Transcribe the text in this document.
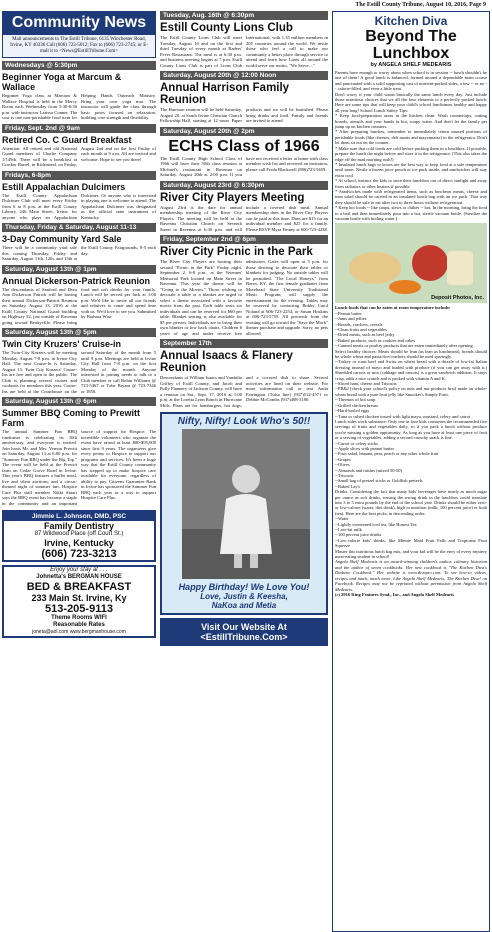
The Estill County Tribune, August 10, 2016, Page 9
Community News
Mail announcements to The Estill Tribune, 6135 Winchester Road, Irvine, KY 40336 Call (606) 723-5012; Fax to (606) 723-2745; or E-mail it to <News@EstillTribune.Com>
Wednesdays @ 5:30pm
Beginner Yoga at Marcum & Wallace
Beginner Yoga class at Marcum & Wallace Hospital is held in the Mercy Room each Wednesday from 5:30-6:30 p.m. with instructor Larissa Conner. The cost is one non-perishable food item for Helping Hands Outreach Ministry. Bring your own yoga mat. The instructor will guide the class through basic poses focused on relaxation, building core strength and flexibility.
Friday, Sept. 2nd @ 9am
Retired Co. C Guard Breakfast
Attention: All retired and old National Guard members of Charlie Company 1/149th. There will be a breakfast at Cracker Barrel, in Richmond, on Friday, August 2nd and on the first Friday of each month at 9 a.m. All are invited and welcome. Hope to see you there!
Fridays, 6-8pm
Estill Appalachian Dulcimers
The Estill County Appalachian Dulcimer Club will meet every Friday from 6 to 8 p.m. at the Estill County Library, 246 Main Street, Irvine, for anyone who plays an Appalachian Dulcimer. Or anyone who is interested in playing one is welcome to attend. The Appalachian Dulcimer was designated as the official state instrument of Kentucky.
Thursday, Friday & Saturday, August 11-13
3-Day Community Yard Sale
There will be a community yard sale this coming Thursday, Friday and Saturday, August 11th, 12th, and 13th at the Estill County Fairgrounds, 8-5 each day.
Saturday, August 13th @ 1pm
Annual Dickerson-Patrick Reunion
The descendants of Sanford and Dora Ann Dickerson Patrick will be having their annual Dickerson-Patrick Reunion on Saturday, August 13, 2016 at the Estill County National Guard building on Highway 52, just outside of Ravenna going toward Beattyville. Please bring food and soft drinks for your family. Lunch will be served per luck at 1:00 p.m. We'd like to invite all our friends and relatives to come and spend time with us. We'd love to see you. Submitted by Barbara Wise
Saturday, August 13th @ 5pm
Twin City Kruzers' Cruise-in
The Twin-City Kruzers will be meeting Monday, August 7-8 p.m. in Irvine City Hall. The next Cruise-In is Saturday, August 13. Twin City Kruzers' Cruise-Ins are free and open to the public. The Club is planning several cruises and cookouts for members this year. Cruise-Ins are held at the Courthouse on the second Saturday of the month from 5 until 9 p.m. Meetings are held at Irvine City Hall from 7-8 p.m. on the first Monday of the month. Anyone interested in joining needs to talk to a Club member or call Robin Williams @ 723-5467 or Tobe Bryant @ 723-7346 or 1858.
Saturday, August 13th @ 6pm
Summer BBQ Coming to Prewitt Farm
The annual Summer Fun BBQ fundraiser is celebrating its 10th anniversary, and everyone is invited. Join hosts Mr. and Mrs. Vernon Prewitt on Saturday, August 13 at 6:00 p.m. for "Summer Fun BBQ under the Big Top." The event will be held at the Prewitt farm on Cedar Grove Road in Irvine. This year's BBQ features a buffet meal, live and silent auctions, and a circus-themed night of summer fun. Hospice Care Plus staff member Nikki Stuart says the BBQ event has become a staple in the community and an important source of support for Hospice. The incredible volunteers who organize the event have raised at least $80-$95,000 since first 9 years. The organizers give every penny to Hospice to support our programs and services. It's been a huge way that the Estill County community has stepped up to make hospice care available for everyone, regardless of ability to pay. Citizens Guarantee Bank in Irvine has sponsored the Summer Fun BBQ each year as a way to support Hospice Care Plus.
Jimmie L. Johnson, DMD, PSC
Family Dentistry
87 Wildwood Place (off Court St.)
Irvine, Kentucky
(606) 723-3213
Enjoy your stay at . . .
Johnetta's BERGMAN HOUSE
BED & BREAKFAST
233 Main St. Irvine, Ky
513-205-9113
Theme Rooms WIFI
Reasonable Rates
joneta@aol.com www.bergmanhouse.com
Tuesday, Aug. 16th @ 6:30pm
Estill County Lions Club
The Estill County Lions Club will meet Tuesday, August 16 and on the first and third Tuesday of every month at Raders' Fever Restaurant. The meal is at 6:30 p.m. and business meeting begins at 7 p.m. Estill County Lions Club is part of Lions Club International, with 1.35 million members in 205 countries around the world. We invite those who feel a call to make our community a better place through service to attend and learn how Lions all around the world serve our motto, "We Serve...."
Saturday, August 20th @ 12:00 Noon
Annual Harrison Family Reunion
The Harrison reunion will be held Saturday, August 20, at South Irvine Christian Church Fellowship Hall, starting at 12 noon. Paper products and ice will be furnished. Please bring drinks and food. Family and friends are invited to attend.
Saturday, August 20th @ 2pm
ECHS Class of 1966
The Estill County High School Class of 1966 will have their 50th class reunion at Michael's restaurant in Ravenna on Saturday, August 20th at 2:00 p.m. If you have not received a letter at home with class member wish list and received an invitation, please call Freda Blackwell (806)723-5659.
Saturday, August 23rd @ 6:30pm
River City Players Meeting
August 23rd is the date for annual membership meeting of the River City Players. The meeting will be held at the Ravenna Christian Church on Seventh Street in Ravenna at 6:30 p.m. and will include a covered dish meal. Annual membership dues in the River City Players can be paid at this time. Dues are $15 for an individual member and $25 for a family. Please RSVP Myra Finney at 606-723-4238.
Friday, September 2nd @ 6pm
River City Picnic in the Park
The River City Players are hosting their second "Picnic in the Park" Friday night, September 2, 6-8 p.m., at the Veterans' Memorial Park located on Main Street in Ravenna. This year the theme will be "Going to the Movies." Those wishing to decorate a table or a blanket are urged to select a theme associated with a favorite movie from the past. Each table seats six individuals and can be reserved for $60 per table. Blanket seating is also available for $5 per person. Individuals are to bring their own blanket or low back chairs. Children 6 years of age and under receive free admission. Gates will open at 5 p.m. for those desiring to decorate their tables or blankets for judging. No outside tables will be permitted. "The Local Honeys," from Berea, KY, the first female graduates from Morehead State University Traditional Music Program, will supply the entertainment for the evening. Tables may be reserved by contacting Bobby Carol Noland at 606-723-2254, or Susan Hoskins at 606-723-5755. All proceeds from the evening will go toward the "Save the Mack" theater purchase and upgrade. Sorry, no pets allowed.
September 17th
Annual Isaacs & Flanery Reunion
Descendants of William Isaacs and Vandalia Griffey of Estill County, and Jacob and Polly Flannery of Jackson County, will have a reunion on Sat., Sept. 17, 2016 at 1:00 p.m. at the Loretta Lynn Ranch in Hurricane Mills. Plans are for hamburgers, hot dogs, and a covered dish to share. Several activities are lined on their website. For more information call or text Anita Farrington (Tulsa line) (937)512-4571 or Debbie McCombs (937)408-3180.
Nifty, Nifty! Look Who's 50!!
Happy Birthday! We Love You!
Love, Justin & Keesha,
NaKoa and Metia
Visit Our Website At
<EstillTribune.Com>
Kitchen Diva
Beyond The Lunchbox
by ANGELA SHELF MEDEARIS
Parents have enough to worry about when school is in session -- lunch shouldn't be one of them! A good lunch is balanced, formed around a dependable main course and punctuated with a solid supporting cast of nutrient-packed sides, a few -- or no -- calorie-filled, and even a little treat.
Don't worry if your child wants basically the same lunch every day. Just include those nutritious choices that we all the four elements to a perfectly packed lunch. Here are some tips that will keep your child's school lunchtimes healthy and happy all year long! School Lunch Safety Tips:
* Keep food-preparation areas in the kitchen clean. Wash countertops, cutting boards, utensils and your hands in hot, soapy water. And don't let the family pet jump up on kitchen counters.
* After preparing lunches, remember to immediately return unused portions of perishable foods (like cheeses, deli meats and mayonnaise) to the refrigerator. Don't let them sit out on the counter.
* Make sure that cold foods are cold before packing them in a lunchbox. If possible, prepare the lunch the night before and store it in the refrigerator. (This also takes the edge off the mad morning rush!)
* Insulated lunch bags or boxes are the best way to keep food at a safe temperature until noon. Nestle a frozen juice pouch or ice pack inside, and sandwiches will stay extra cool.
* At school, instruct the kids to store their lunchbox out of direct sunlight and away from radiators or other heaters if possible.
* Sandwiches made with refrigerated items, such as luncheon meats, cheese and tuna salad should be carried in an insulated lunch bag with an ice pack. That way they should be safe to eat after two to three hours without refrigeration.
* Keep hot foods -- like soups, stews or chilies -- hot. In the morning, bring the food to a boil and then immediately pour into a hot, sterile vacuum bottle. (Sterilize the vacuum bottle with boiling water.)
Deposit Photos, Inc.
Lunch foods that can be eaten at room temperature include:
--Peanut butter
--Jams and jellies
--Breads, crackers, cereals
--Clean fruits and vegetables
--Dried meats, such as beef jerky
--Baked products, such as cookies and cakes
--Canned meats or poultry products that are eaten immediately after opening
Select healthy choices: Meats should be lean (as lean as lunchmeat), breads should be whole wheat and pasta/rice/crackers should be used sparingly.
--Turkey or roast beef and Swiss on wheat bread with a drizzle of low-fat Italian dressing instead of mayo and loaded with produce (if you can get away with it.) Shredded carrots or mix (cabbage and carrots) is a great sandwich addition. It stays crisp, adds a nice crunch and is packed with vitamin A and K.
--Sliced ham, cheese and Triscuits
--PB&J (check your school's policy on nuts and nut products first) made on whole-wheat bread with a pure fruit jelly like Smucker's Simply Fruit.
--Thermos of hot soup
--Grilled chicken breast
--Hard-boiled eggs
--Tuna or cubed chicken tossed with light mayo, mustard, celery and carrot
Lunch sides work substance: Only one in four kids consumes the recommended five servings of fruits and vegetables daily, so if you pack a lunch without produce you're missing a golden opportunity. As long as you have at least one piece of fruit or a serving of vegetables, adding a second crunchy snack is fine.
--Carrot or celery sticks
--Apple slices with peanut butter
--Fruit salad, banana, pear, peach or any other whole fruit
--Grapes
--Olives
--Almonds and raisins (mixed 50-50)
--Triscuits
--Small bag of pretzel sticks or Goldfish pretzels
--Baked Lay's
Drinks: Considering the fact that many kids' beverages have nearly as much sugar per ounce as soft drinks, tossing the wrong drink in the lunchbox could translate into 3 to 5 extra pounds by the end of the school year. Drinks should be either zero- or low-calorie (water, diet drink), high in nutrition (milk, 100 percent juice) or both (tea). Here are the best picks, in descending order:
--Water
--Lightly sweetened iced tea, like Honest Tea
--Low-fat milk
--100 percent juice drinks
--Low-calorie kids' drinks, like Minute Maid Fruit Falls and Tropicana Fruit Squeeze
Master this nutritious lunch bag mix, and your kid will be the envy of every mystery meat-eating student in school!
Angela Shelf Medearis is an award-winning children's author, culinary historian and the author of seven cookbooks. Her new cookbook is "The Kitchen Diva's Diabetic Cookbook." Her website is www.divapro.com. To see how-to videos, recipes and much, much more, Like Angela Shelf Medearis, The Kitchen Diva! on Facebook. Recipes may not be reprinted without permission from Angela Shelf Medearis.
(c) 2016 King Features Synd., Inc., and Angela Shelf Medearis
